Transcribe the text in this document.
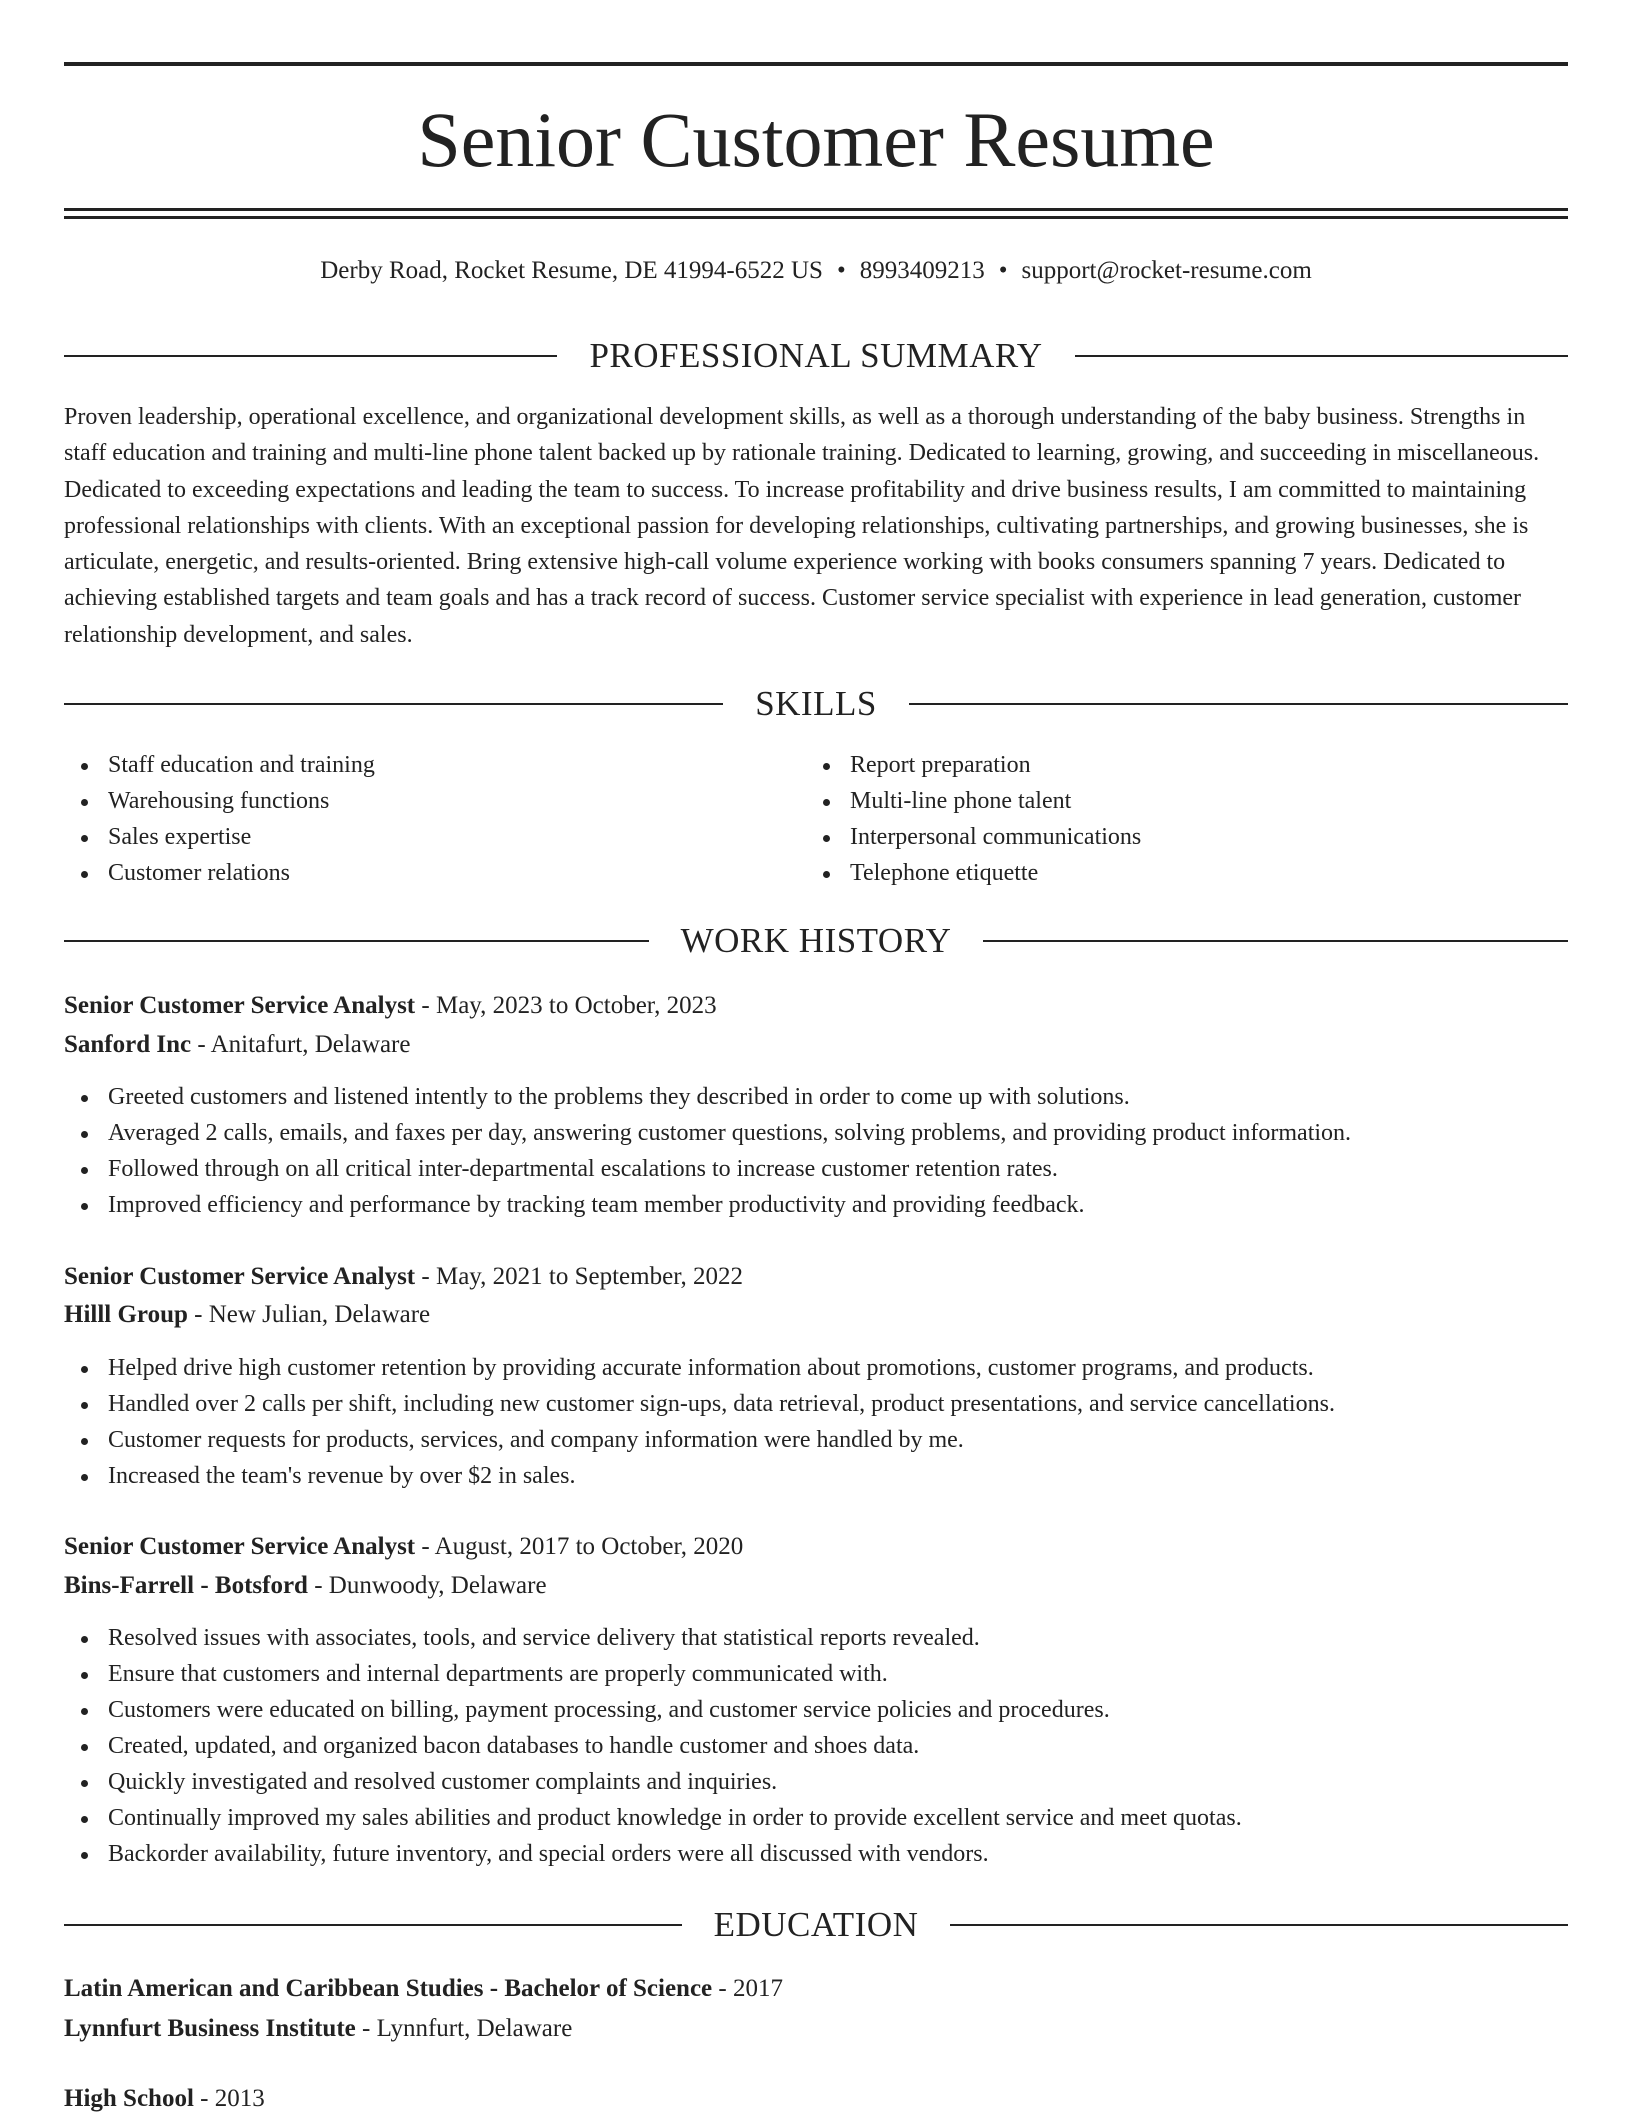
Senior Customer Resume
Derby Road, Rocket Resume, DE 41994-6522 US • 8993409213 • support@rocket-resume.com
PROFESSIONAL SUMMARY

Proven leadership, operational excellence, and organizational development skills, as well as a thorough understanding of the baby business. Strengths in staff education and training and multi-line phone talent backed up by rationale training. Dedicated to learning, growing, and succeeding in miscellaneous. Dedicated to exceeding expectations and leading the team to success. To increase profitability and drive business results, I am committed to maintaining professional relationships with clients. With an exceptional passion for developing relationships, cultivating partnerships, and growing businesses, she is articulate, energetic, and results-oriented. Bring extensive high-call volume experience working with books consumers spanning 7 years. Dedicated to achieving established targets and team goals and has a track record of success. Customer service specialist with experience in lead generation, customer relationship development, and sales.

SKILLS
Staff education and training
Warehousing functions
Sales expertise
Customer relations
Report preparation
Multi-line phone talent
Interpersonal communications
Telephone etiquette
WORK HISTORY
Senior Customer Service Analyst - May, 2023 to October, 2023
Sanford Inc - Anitafurt, Delaware
Greeted customers and listened intently to the problems they described in order to come up with solutions.
Averaged 2 calls, emails, and faxes per day, answering customer questions, solving problems, and providing product information.
Followed through on all critical inter-departmental escalations to increase customer retention rates.
Improved efficiency and performance by tracking team member productivity and providing feedback.
Senior Customer Service Analyst - May, 2021 to September, 2022
Hilll Group - New Julian, Delaware
Helped drive high customer retention by providing accurate information about promotions, customer programs, and products.
Handled over 2 calls per shift, including new customer sign-ups, data retrieval, product presentations, and service cancellations.
Customer requests for products, services, and company information were handled by me.
Increased the team's revenue by over $2 in sales.
Senior Customer Service Analyst - August, 2017 to October, 2020
Bins-Farrell - Botsford - Dunwoody, Delaware
Resolved issues with associates, tools, and service delivery that statistical reports revealed.
Ensure that customers and internal departments are properly communicated with.
Customers were educated on billing, payment processing, and customer service policies and procedures.
Created, updated, and organized bacon databases to handle customer and shoes data.
Quickly investigated and resolved customer complaints and inquiries.
Continually improved my sales abilities and product knowledge in order to provide excellent service and meet quotas.
Backorder availability, future inventory, and special orders were all discussed with vendors.
EDUCATION
Latin American and Caribbean Studies - Bachelor of Science - 2017
Lynnfurt Business Institute - Lynnfurt, Delaware
High School - 2013
